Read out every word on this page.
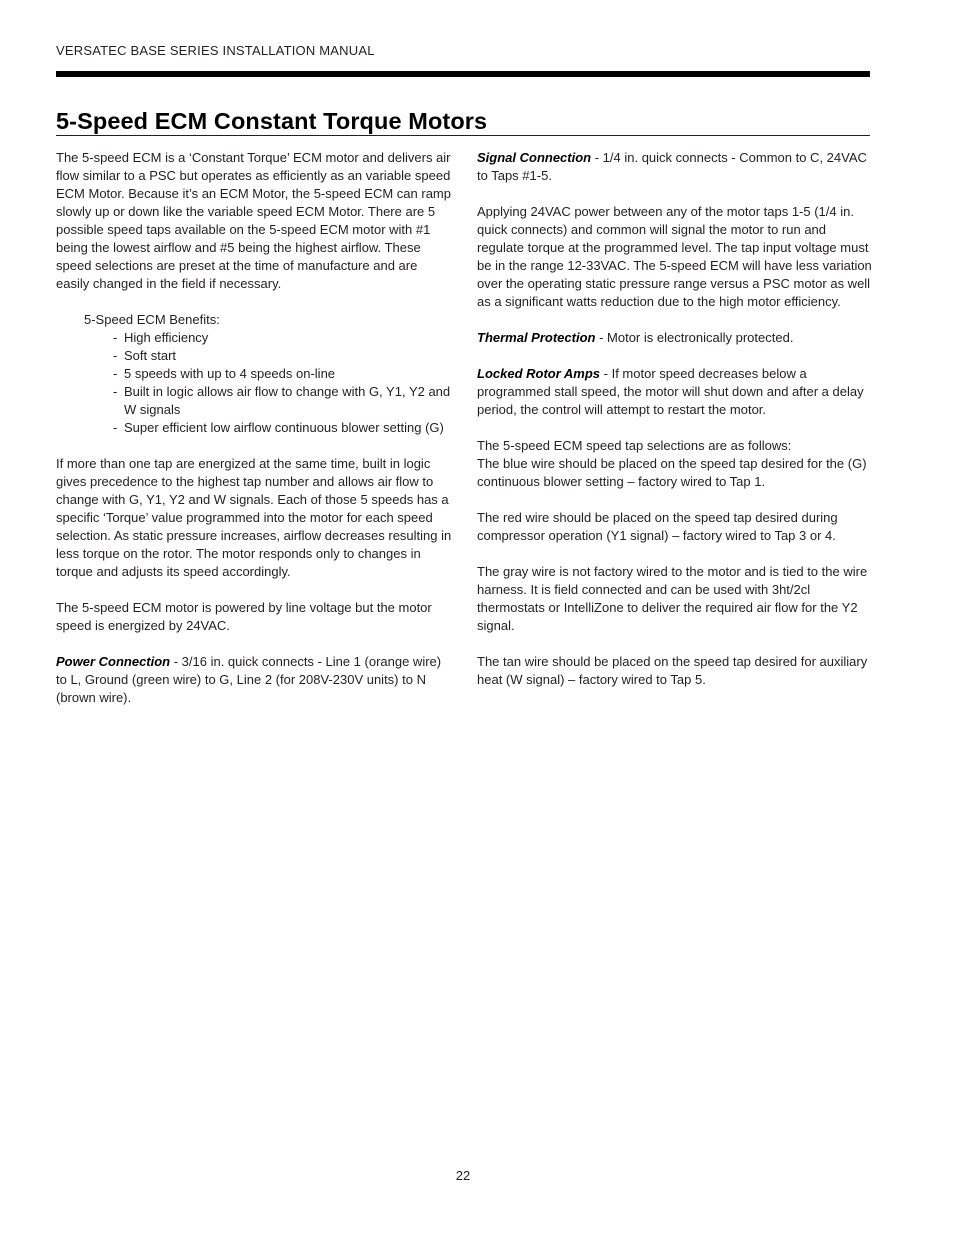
VERSATEC BASE SERIES INSTALLATION MANUAL
5-Speed ECM Constant Torque Motors

The 5-speed ECM is a ‘Constant Torque’ ECM motor and delivers air flow similar to a PSC but operates as efficiently as an variable speed ECM Motor. Because it’s an ECM Motor, the 5-speed ECM can ramp slowly up or down like the variable speed ECM Motor. There are 5 possible speed taps available on the 5-speed ECM motor with #1 being the lowest airflow and #5 being the highest airflow. These speed selections are preset at the time of manufacture and are easily changed in the field if necessary.

5-Speed ECM Benefits:

- High efficiency
- Soft start
- 5 speeds with up to 4 speeds on-line
- Built in logic allows air flow to change with G, Y1, Y2 and W signals
- Super efficient low airflow continuous blower setting (G)

If more than one tap are energized at the same time, built in logic gives precedence to the highest tap number and allows air flow to change with G, Y1, Y2 and W signals. Each of those 5 speeds has a specific ‘Torque’ value programmed into the motor for each speed selection. As static pressure increases, airflow decreases resulting in less torque on the rotor. The motor responds only to changes in torque and adjusts its speed accordingly.

The 5-speed ECM motor is powered by line voltage but the motor speed is energized by 24VAC.

Power Connection - 3/16 in. quick connects - Line 1 (orange wire) to L, Ground (green wire) to G, Line 2 (for 208V-230V units) to N (brown wire).

Signal Connection - 1/4 in. quick connects - Common to C, 24VAC to Taps #1-5.

Applying 24VAC power between any of the motor taps 1-5 (1/4 in. quick connects) and common will signal the motor to run and regulate torque at the programmed level. The tap input voltage must be in the range 12-33VAC. The 5-speed ECM will have less variation over the operating static pressure range versus a PSC motor as well as a significant watts reduction due to the high motor efficiency.

Thermal Protection - Motor is electronically protected.

Locked Rotor Amps - If motor speed decreases below a programmed stall speed, the motor will shut down and after a delay period, the control will attempt to restart the motor.

The 5-speed ECM speed tap selections are as follows:

The blue wire should be placed on the speed tap desired for the (G) continuous blower setting – factory wired to Tap 1.

The red wire should be placed on the speed tap desired during compressor operation (Y1 signal) – factory wired to Tap 3 or 4.

The gray wire is not factory wired to the motor and is tied to the wire harness. It is field connected and can be used with 3ht/2cl thermostats or IntelliZone to deliver the required air flow for the Y2 signal.

The tan wire should be placed on the speed tap desired for auxiliary heat (W signal) – factory wired to Tap 5.

22
